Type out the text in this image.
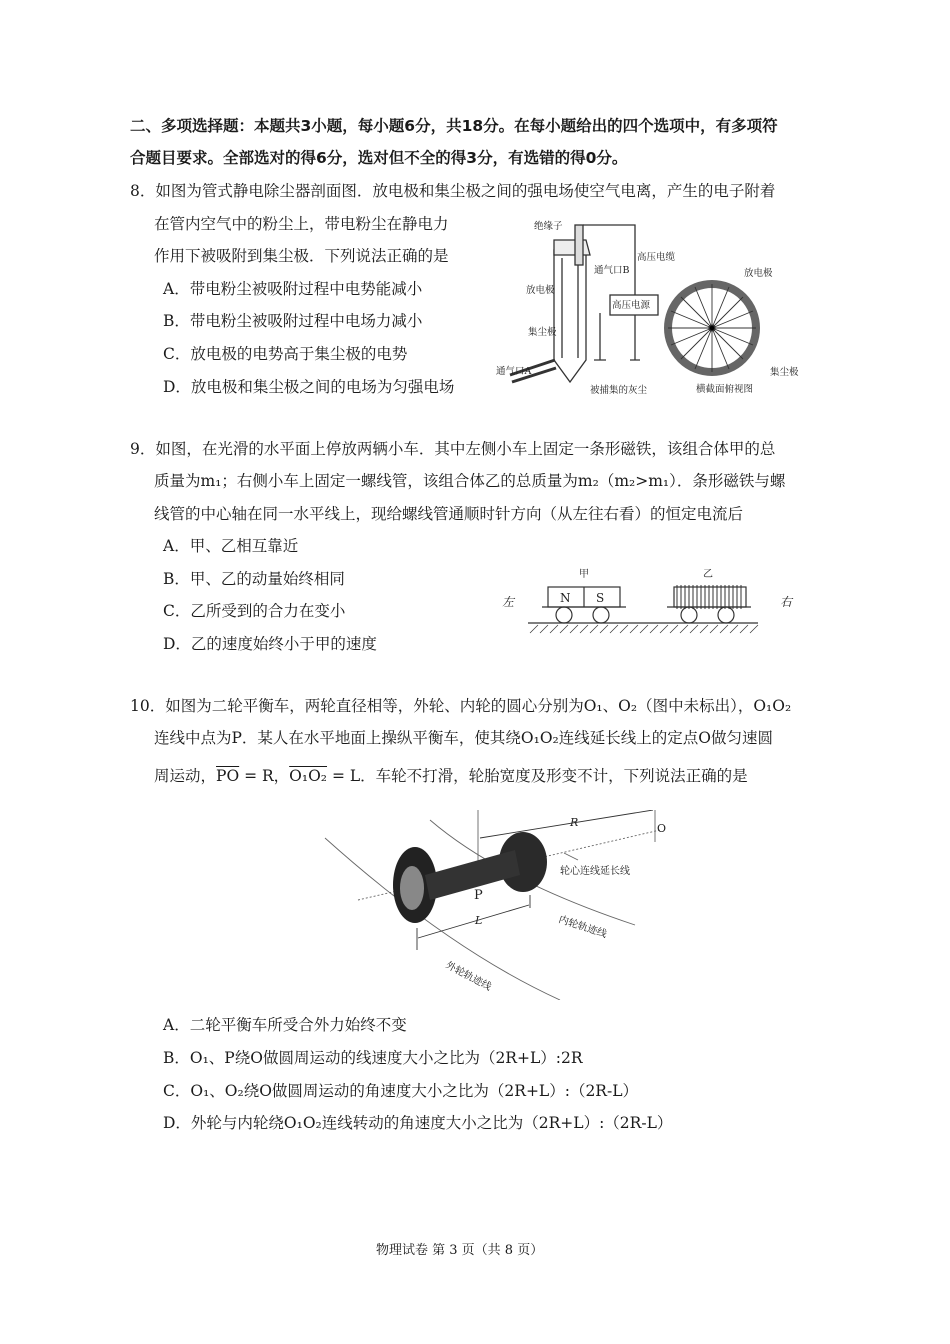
二、多项选择题：本题共3小题，每小题6分，共18分。在每小题给出的四个选项中，有多项符
合题目要求。全部选对的得6分，选对但不全的得3分，有选错的得0分。
8．如图为管式静电除尘器剖面图．放电极和集尘极之间的强电场使空气电离，产生的电子附着
在管内空气中的粉尘上，带电粉尘在静电力
作用下被吸附到集尘极．下列说法正确的是
A．带电粉尘被吸附过程中电势能减小
B．带电粉尘被吸附过程中电场力减小
C．放电极的电势高于集尘极的电势
D．放电极和集尘极之间的电场为匀强电场
绝缘子
通气口B
高压电缆
放电极
高压电源
集尘极
通气口A
被捕集的灰尘
放电极
集尘极
横截面俯视图
9．如图，在光滑的水平面上停放两辆小车．其中左侧小车上固定一条形磁铁，该组合体甲的总
质量为m₁；右侧小车上固定一螺线管，该组合体乙的总质量为m₂（m₂>m₁）．条形磁铁与螺
线管的中心轴在同一水平线上，现给螺线管通顺时针方向（从左往右看）的恒定电流后
A．甲、乙相互靠近
B．甲、乙的动量始终相同
C．乙所受到的合力在变小
D．乙的速度始终小于甲的速度
左	右
甲	乙
N S
10．如图为二轮平衡车，两轮直径相等，外轮、内轮的圆心分别为O₁、O₂（图中未标出），O₁O₂
连线中点为P．某人在水平地面上操纵平衡车，使其绕O₁O₂连线延长线上的定点O做匀速圆
周运动，$\overline{PO} = R$，O₁O₂ = L．车轮不打滑，轮胎宽度及形变不计，下列说法正确的是
R	O
轮心连线延长线
P
L	内轮轨迹线
外轮轨迹线
A．二轮平衡车所受合外力始终不变
B．O₁、P绕O做圆周运动的线速度大小之比为（2R+L）:2R
C．O₁、O₂绕O做圆周运动的角速度大小之比为（2R+L）:（2R-L）
D．外轮与内轮绕O₁O₂连线转动的角速度大小之比为（2R+L）:（2R-L）
物理试卷 第 3 页（共 8 页）
